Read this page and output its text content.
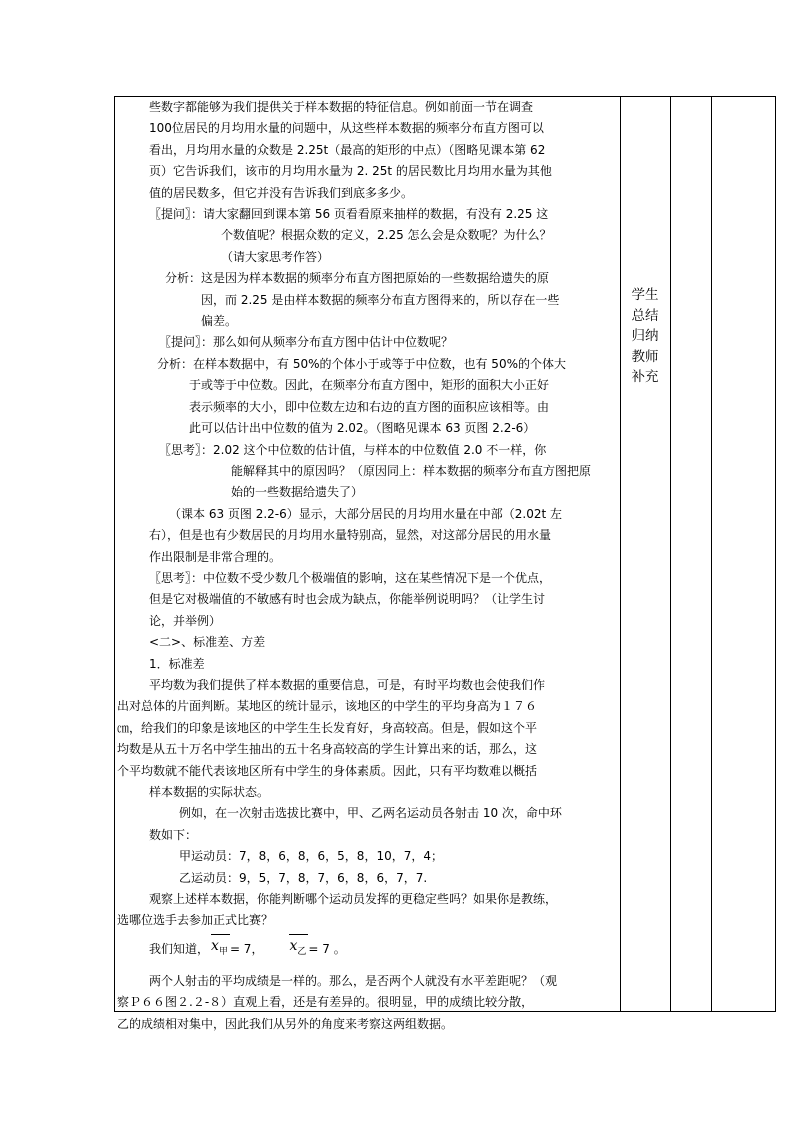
些数字都能够为我们提供关于样本数据的特征信息。例如前面一节在调查

100位居民的月均用水量的问题中，从这些样本数据的频率分布直方图可以

看出，月均用水量的众数是 2.25t（最高的矩形的中点）（图略见课本第 62

页）它告诉我们，该市的月均用水量为 2. 25t 的居民数比月均用水量为其他

值的居民数多，但它并没有告诉我们到底多多少。

〖提问〗：请大家翻回到课本第 56 页看看原来抽样的数据，有没有 2.25 这

个数值呢？根据众数的定义，2.25 怎么会是众数呢？为什么？

（请大家思考作答）

分析：这是因为样本数据的频率分布直方图把原始的一些数据给遗失的原

因，而 2.25 是由样本数据的频率分布直方图得来的，所以存在一些

偏差。

〖提问〗：那么如何从频率分布直方图中估计中位数呢？

分析：在样本数据中，有 50%的个体小于或等于中位数，也有 50%的个体大

于或等于中位数。因此，在频率分布直方图中，矩形的面积大小正好

表示频率的大小，即中位数左边和右边的直方图的面积应该相等。由

此可以估计出中位数的值为 2.02。（图略见课本 63 页图 2.2-6）

〖思考〗：2.02 这个中位数的估计值，与样本的中位数值 2.0 不一样，你

能解释其中的原因吗？（原因同上：样本数据的频率分布直方图把原

始的一些数据给遗失了）

（课本 63 页图 2.2-6）显示，大部分居民的月均用水量在中部（2.02t 左

右），但是也有少数居民的月均用水量特别高，显然，对这部分居民的用水量

作出限制是非常合理的。

〖思考〗：中位数不受少数几个极端值的影响，这在某些情况下是一个优点，

但是它对极端值的不敏感有时也会成为缺点，你能举例说明吗？（让学生讨

论，并举例）

<二>、标准差、方差

1．标准差

平均数为我们提供了样本数据的重要信息，可是，有时平均数也会使我们作

出对总体的片面判断。某地区的统计显示，该地区的中学生的平均身高为１７６

㎝，给我们的印象是该地区的中学生生长发育好，身高较高。但是，假如这个平

均数是从五十万名中学生抽出的五十名身高较高的学生计算出来的话，那么，这

个平均数就不能代表该地区所有中学生的身体素质。因此，只有平均数难以概括

样本数据的实际状态。

例如，在一次射击选拔比赛中，甲、乙两名运动员各射击 10 次，命中环

数如下：

甲运动员：7，8，6，8，6，5，8，10，7，4；

乙运动员：9，5，7，8，7，6，8，6，7，7.

观察上述样本数据，你能判断哪个运动员发挥的更稳定些吗？如果你是教练，

选哪位选手去参加正式比赛？

我们知道， $x_甲 = 7$， $x_乙 = 7$ 。

两个人射击的平均成绩是一样的。那么，是否两个人就没有水平差距呢？（观

察Ｐ６６图２.２-８）直观上看，还是有差异的。很明显，甲的成绩比较分散，

乙的成绩相对集中，因此我们从另外的角度来考察这两组数据。

学生
总结
归纳
教师
补充
